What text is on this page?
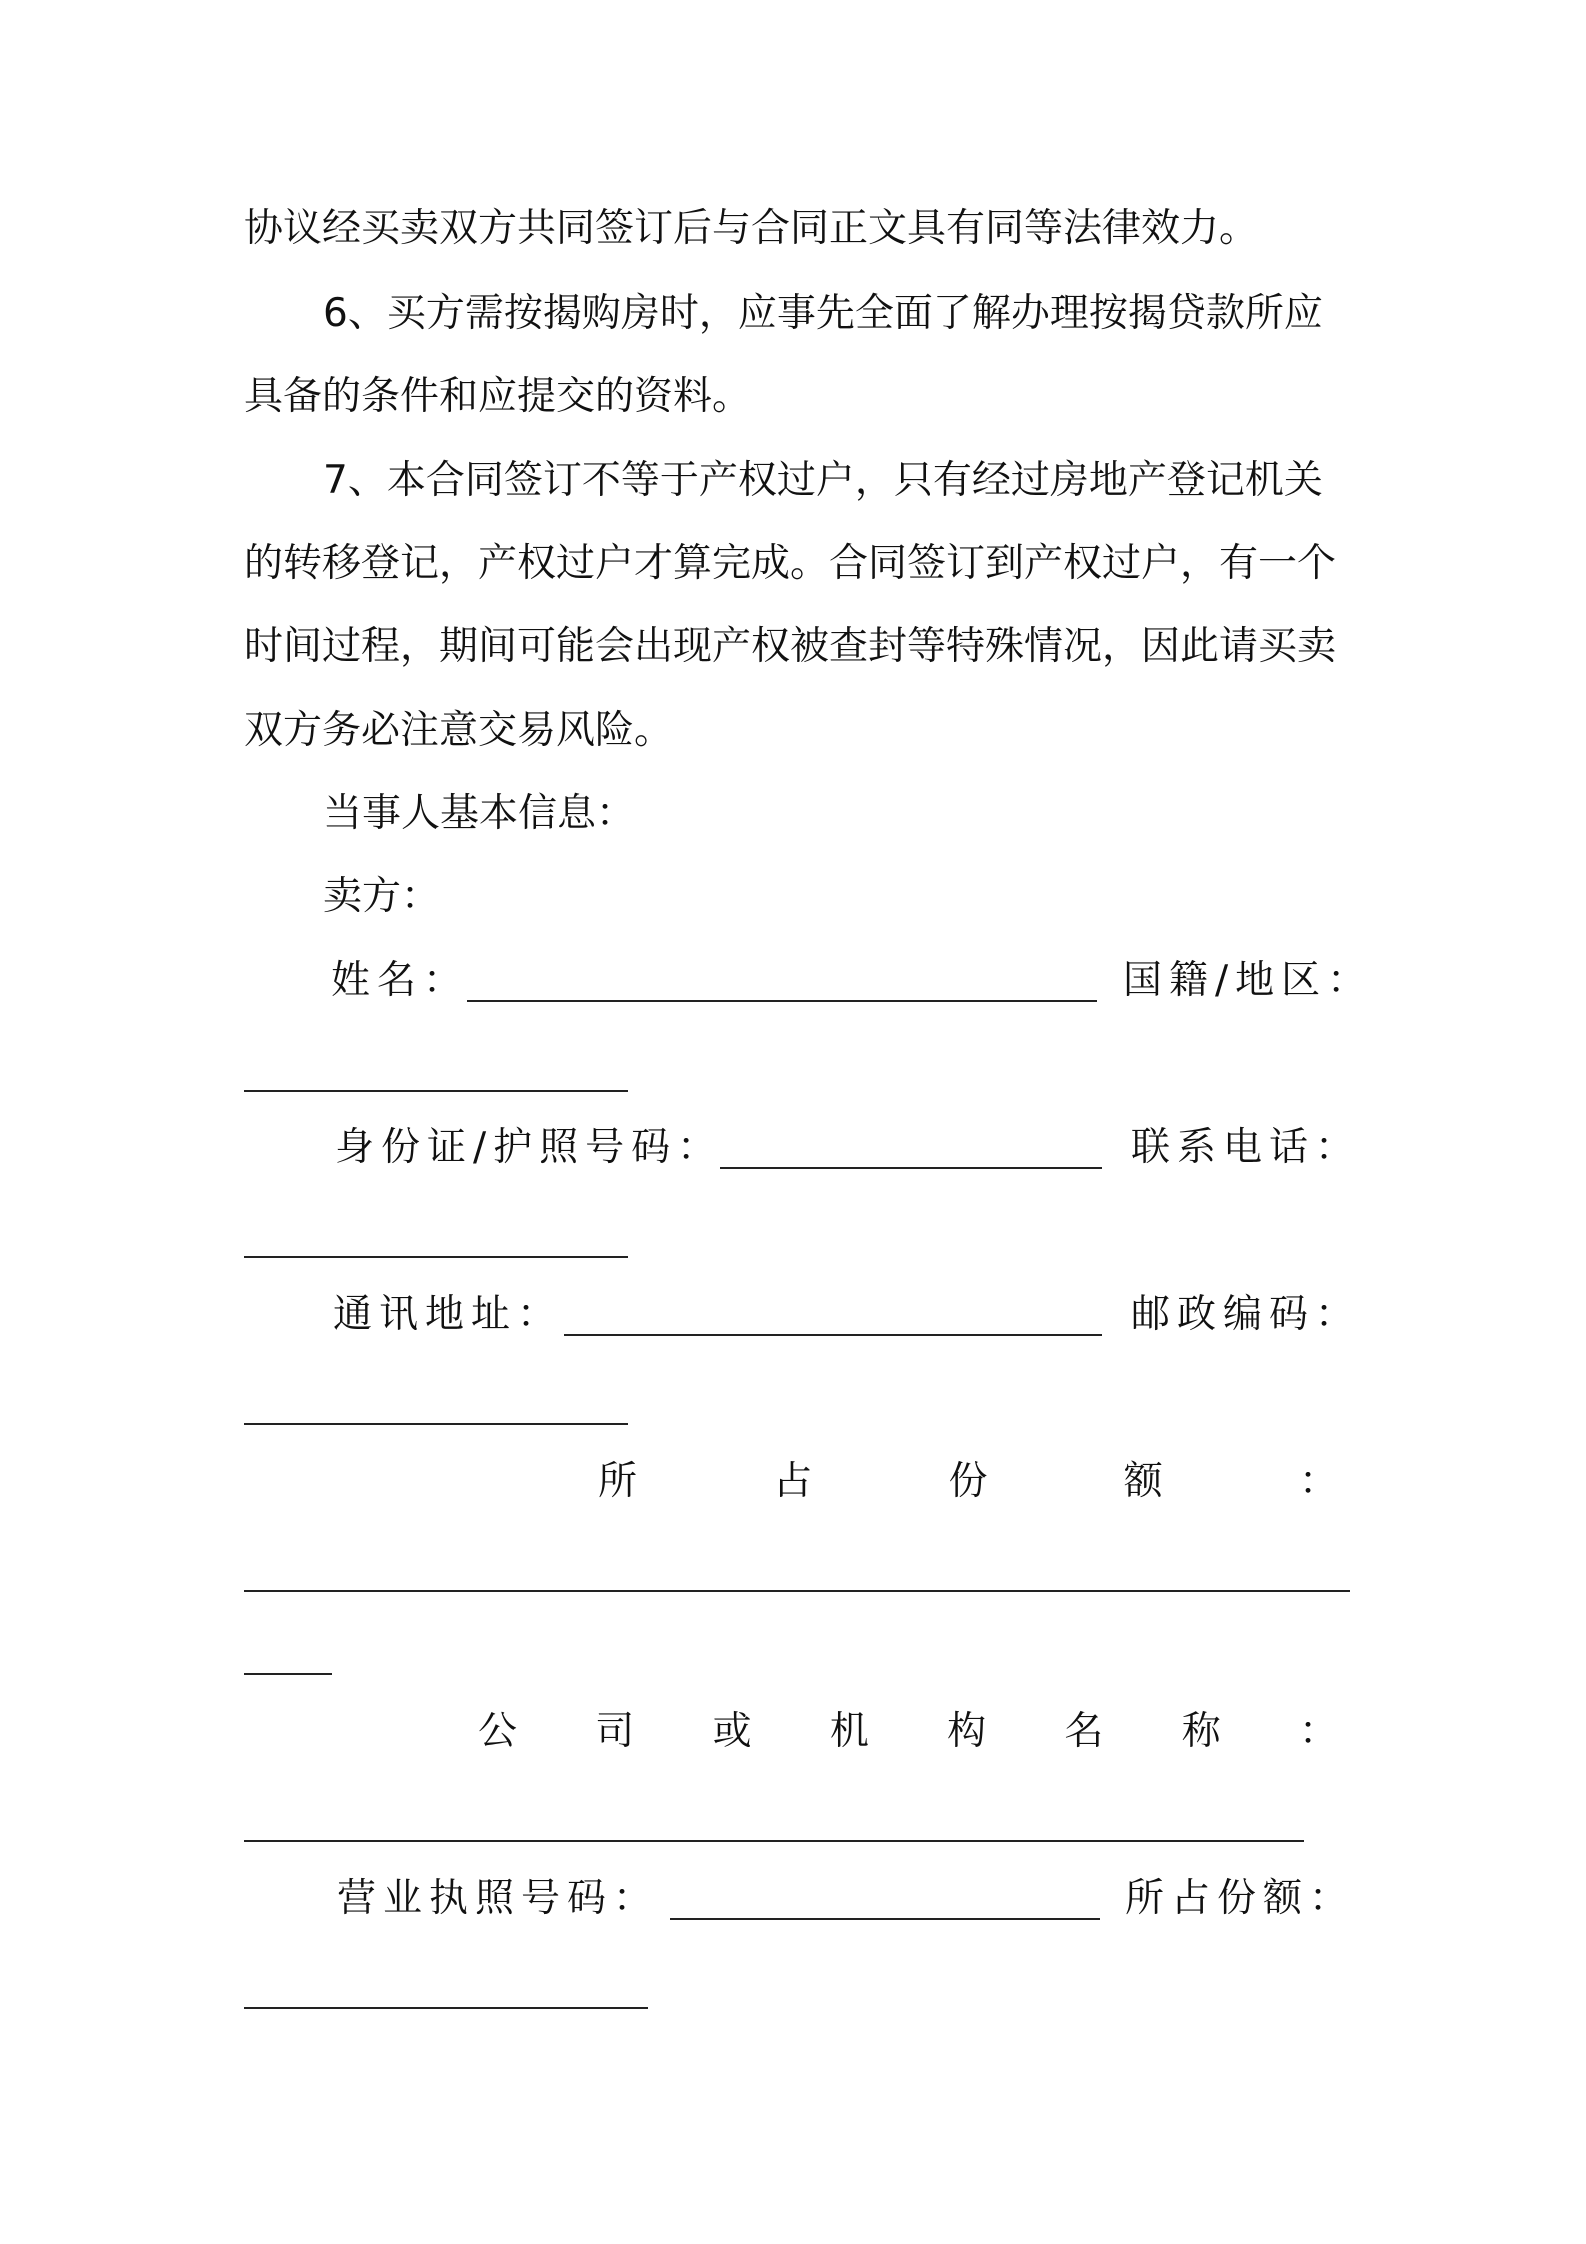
协议经买卖双方共同签订后与合同正文具有同等法律效力。
6、买方需按揭购房时，应事先全面了解办理按揭贷款所应
具备的条件和应提交的资料。
7、本合同签订不等于产权过户，只有经过房地产登记机关
的转移登记，产权过户才算完成。合同签订到产权过户，有一个
时间过程，期间可能会出现产权被查封等特殊情况，因此请买卖
双方务必注意交易风险。
当事人基本信息：
卖方：
姓名：	国籍/地区：
身份证/护照号码：	联系电话：
通讯地址：	邮政编码：
所	占	份	额	：
公 司 或 机 构 名 称 ：
营业执照号码：	所占份额：
